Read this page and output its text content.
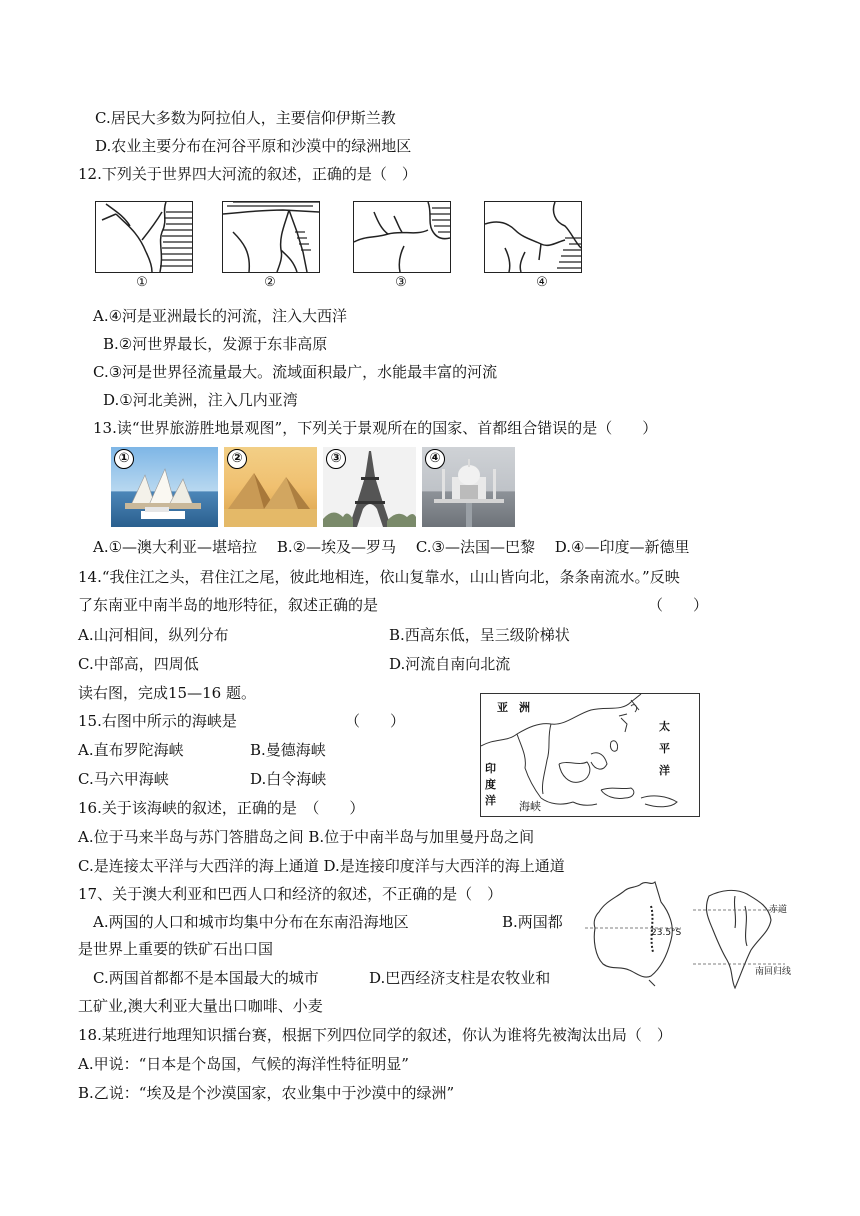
C.居民大多数为阿拉伯人，主要信仰伊斯兰教
D.农业主要分布在河谷平原和沙漠中的绿洲地区
12.下列关于世界四大河流的叙述，正确的是（　）
①	②	③	④
A.④河是亚洲最长的河流，注入大西洋
B.②河世界最长，发源于东非高原
C.③河是世界径流量最大。流域面积最广，水能最丰富的河流
D.①河北美洲，注入几内亚湾
13.读“世界旅游胜地景观图”，下列关于景观所在的国家、首都组合错误的是（　　）
①	②	③	④
A.①—澳大利亚—堪培拉　 B.②—埃及—罗马　 C.③—法国—巴黎　 D.④—印度—新德里
14.“我住江之头，君住江之尾，彼此地相连，依山复靠水，山山皆向北，条条南流水。”反映
了东南亚中南半岛的地形特征，叙述正确的是	（　　）
A.山河相间，纵列分布	B.西高东低，呈三级阶梯状
C.中部高，四周低	D.河流自南向北流
读右图，完成15—16 题。
15.右图中所示的海峡是	（　　）
A.直布罗陀海峡	B.曼德海峡
C.马六甲海峡	D.白令海峡
亚　洲
太
平
洋
印
度
洋 海峡
16.关于该海峡的叙述，正确的是　（　　）
A.位于马来半岛与苏门答腊岛之间 B.位于中南半岛与加里曼丹岛之间
C.是连接太平洋与大西洋的海上通道 D.是连接印度洋与大西洋的海上通道
17、关于澳大利亚和巴西人口和经济的叙述，不正确的是（　）
A.两国的人口和城市均集中分布在东南沿海地区	B.两国都
是世界上重要的铁矿石出口国
C.两国首都都不是本国最大的城市	D.巴西经济支柱是农牧业和
工矿业,澳大利亚大量出口咖啡、小麦
23.5°S
赤道
南回归线
18.某班进行地理知识擂台赛，根据下列四位同学的叙述，你认为谁将先被淘汰出局（　）
A.甲说：“日本是个岛国，气候的海洋性特征明显”
B.乙说：“埃及是个沙漠国家，农业集中于沙漠中的绿洲”
